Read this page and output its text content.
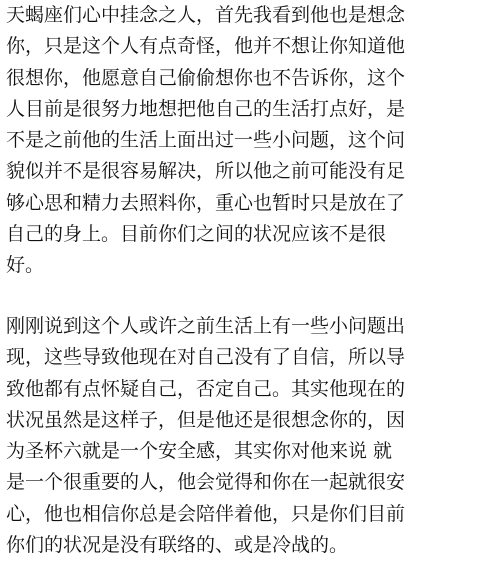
天蝎座们心中挂念之人，首先我看到他也是想念
你，只是这个人有点奇怪，他并不想让你知道他
很想你，他愿意自己偷偷想你也不告诉你，这个
人目前是很努力地想把他自己的生活打点好，是
不是之前他的生活上面出过一些小问题，这个问
貌似并不是很容易解决，所以他之前可能没有足
够心思和精力去照料你，重心也暂时只是放在了
自己的身上。目前你们之间的状况应该不是很
好。

刚刚说到这个人或许之前生活上有一些小问题出
现，这些导致他现在对自己没有了自信，所以导
致他都有点怀疑自己，否定自己。其实他现在的
状况虽然是这样子，但是他还是很想念你的，因
为圣杯六就是一个安全感，其实你对他来说 就
是一个很重要的人，他会觉得和你在一起就很安
心，他也相信你总是会陪伴着他，只是你们目前
你们的状况是没有联络的、或是冷战的。
